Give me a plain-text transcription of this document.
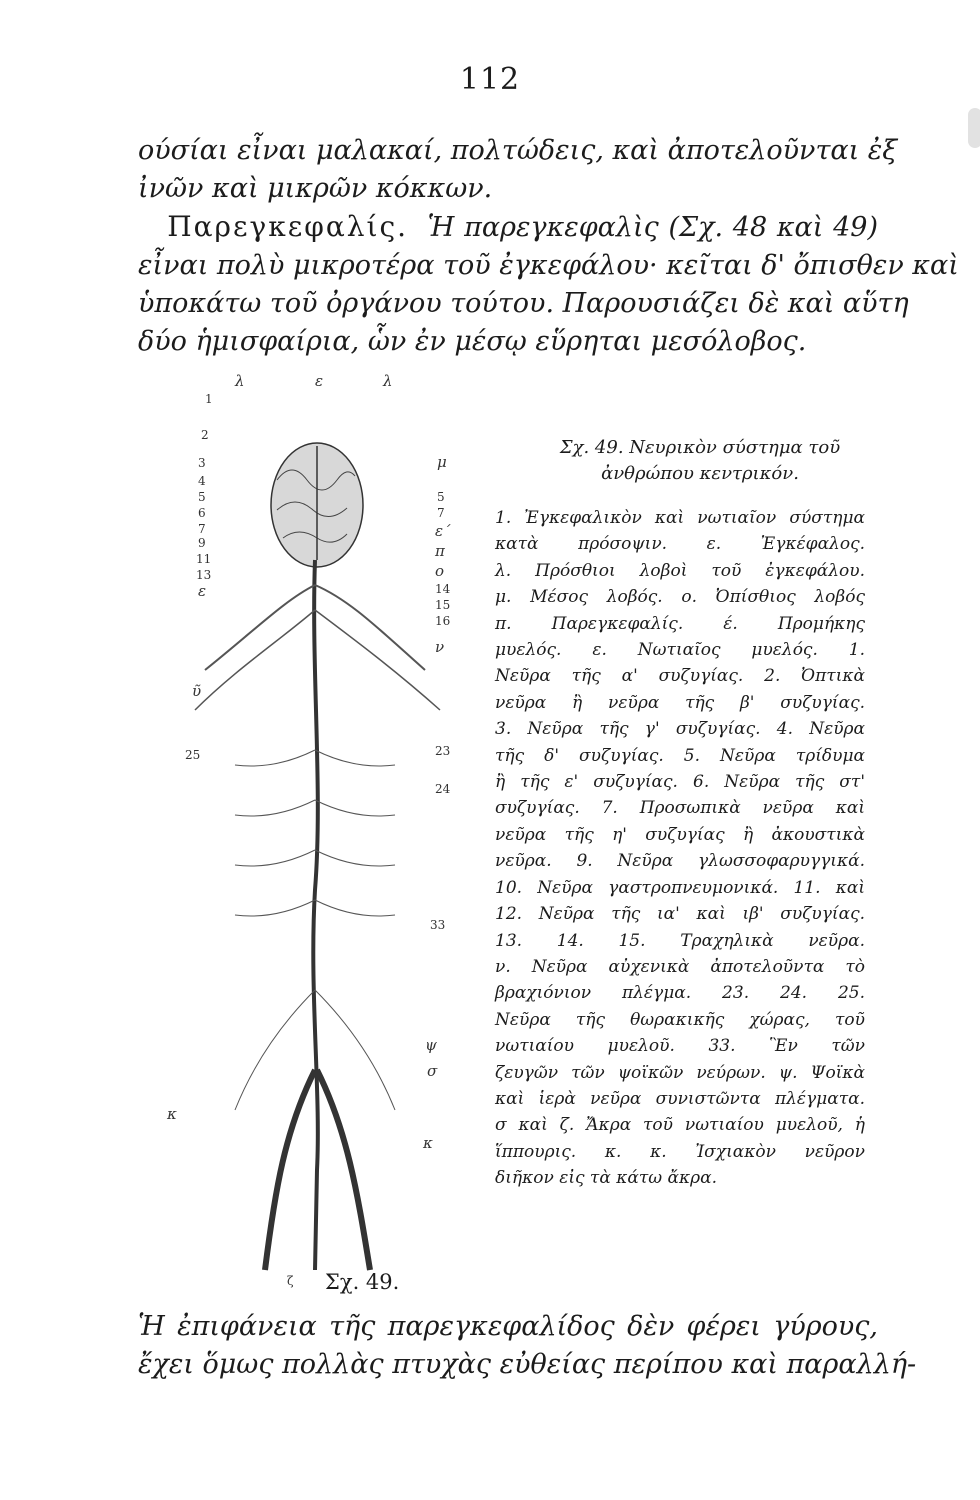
112
ούσίαι εἶναι μαλακαί, πολτώδεις, καὶ ἀποτελοῦνται ἐξ
ἰνῶν καὶ μικρῶν κόκκων.
Παρεγκεφαλίς. Ἡ παρεγκεφαλὶς (Σχ. 48 καὶ 49)
εἶναι πολὺ μικροτέρα τοῦ ἐγκεφάλου· κεῖται δ' ὄπισθεν καὶ
ὑποκάτω τοῦ ὀργάνου τούτου. Παρουσιάζει δὲ καὶ αὕτη
δύο ἡμισφαίρια, ὧν ἐν μέσῳ εὕρηται μεσόλοβος.
λ	ε	λ
1
2
3
4
5
6
7
9
11
13
ε
ῦ
25
κ
μ
5
7
ε΄
π
ο
14
15
16
ν
23
24
33
ψ
σ
κ
ζ Σχ. 49.
Σχ. 49. Νευρικὸν σύστημα τοῦ
ἀνθρώπου κεντρικόν.
1. Ἐγκεφαλικὸν καὶ νωτιαῖον σύστημα
κατὰ πρόσοψιν. ε. Ἐγκέφαλος.
λ. Πρόσθιοι λοβοὶ τοῦ ἐγκεφάλου.
μ. Μέσος λοβός. ο. Ὀπίσθιος λοβός
π. Παρεγκεφαλίς. έ. Προμήκης
μυελός. ε. Νωτιαῖος μυελός. 1.
Νεῦρα τῆς α' συζυγίας. 2. Ὀπτικὰ
νεῦρα ἢ νεῦρα τῆς β' συζυγίας.
3. Νεῦρα τῆς γ' συζυγίας. 4. Νεῦρα
τῆς δ' συζυγίας. 5. Νεῦρα τρίδυμα
ἢ τῆς ε' συζυγίας. 6. Νεῦρα τῆς στ'
συζυγίας. 7. Προσωπικὰ νεῦρα καὶ
νεῦρα τῆς η' συζυγίας ἢ ἀκουστικὰ
νεῦρα. 9. Νεῦρα γλωσσοφαρυγγικά.
10. Νεῦρα γαστροπνευμονικά. 11. καὶ
12. Νεῦρα τῆς ια' καὶ ιβ' συζυγίας.
13. 14. 15. Τραχηλικὰ νεῦρα.
ν. Νεῦρα αὐχενικὰ ἀποτελοῦντα τὸ
βραχιόνιον πλέγμα. 23. 24. 25.
Νεῦρα τῆς θωρακικῆς χώρας, τοῦ
νωτιαίου μυελοῦ. 33. Ἓν τῶν
ζευγῶν τῶν ψοϊκῶν νεύρων. ψ. Ψοϊκὰ
καὶ ἱερὰ νεῦρα συνιστῶντα πλέγματα.
σ καὶ ζ. Ἄκρα τοῦ νωτιαίου μυελοῦ, ἡ
ἵππουρις. κ. κ. Ἰσχιακὸν νεῦρον
διῆκον εἰς τὰ κάτω ἄκρα.
Ἡ ἐπιφάνεια τῆς παρεγκεφαλίδος δὲν φέρει γύρους,
ἔχει ὅμως πολλὰς πτυχὰς εὐθείας περίπου καὶ παραλλή-
